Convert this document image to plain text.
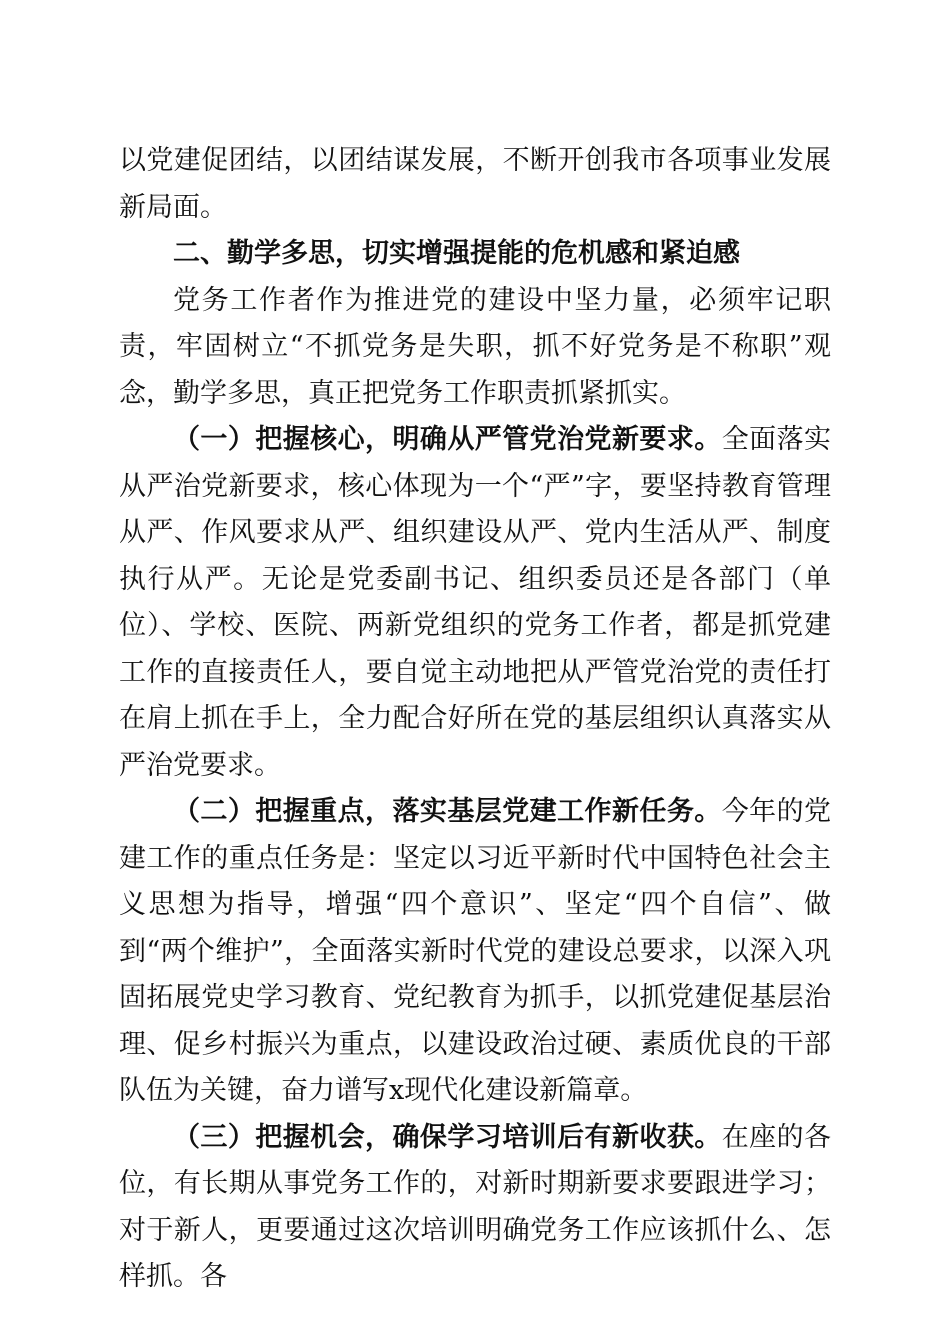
以党建促团结，以团结谋发展，不断开创我市各项事业发展新局面。

二、勤学多思，切实增强提能的危机感和紧迫感

党务工作者作为推进党的建设中坚力量，必须牢记职责，牢固树立“不抓党务是失职，抓不好党务是不称职”观念，勤学多思，真正把党务工作职责抓紧抓实。

（一）把握核心，明确从严管党治党新要求。全面落实从严治党新要求，核心体现为一个“严”字，要坚持教育管理从严、作风要求从严、组织建设从严、党内生活从严、制度执行从严。无论是党委副书记、组织委员还是各部门（单位）、学校、医院、两新党组织的党务工作者，都是抓党建工作的直接责任人，要自觉主动地把从严管党治党的责任打在肩上抓在手上，全力配合好所在党的基层组织认真落实从严治党要求。

（二）把握重点，落实基层党建工作新任务。今年的党建工作的重点任务是：坚定以习近平新时代中国特色社会主义思想为指导，增强“四个意识”、坚定“四个自信”、做到“两个维护”，全面落实新时代党的建设总要求，以深入巩固拓展党史学习教育、党纪教育为抓手，以抓党建促基层治理、促乡村振兴为重点，以建设政治过硬、素质优良的干部队伍为关键，奋力谱写x现代化建设新篇章。

（三）把握机会，确保学习培训后有新收获。在座的各位，有长期从事党务工作的，对新时期新要求要跟进学习；对于新人，更要通过这次培训明确党务工作应该抓什么、怎样抓。各
